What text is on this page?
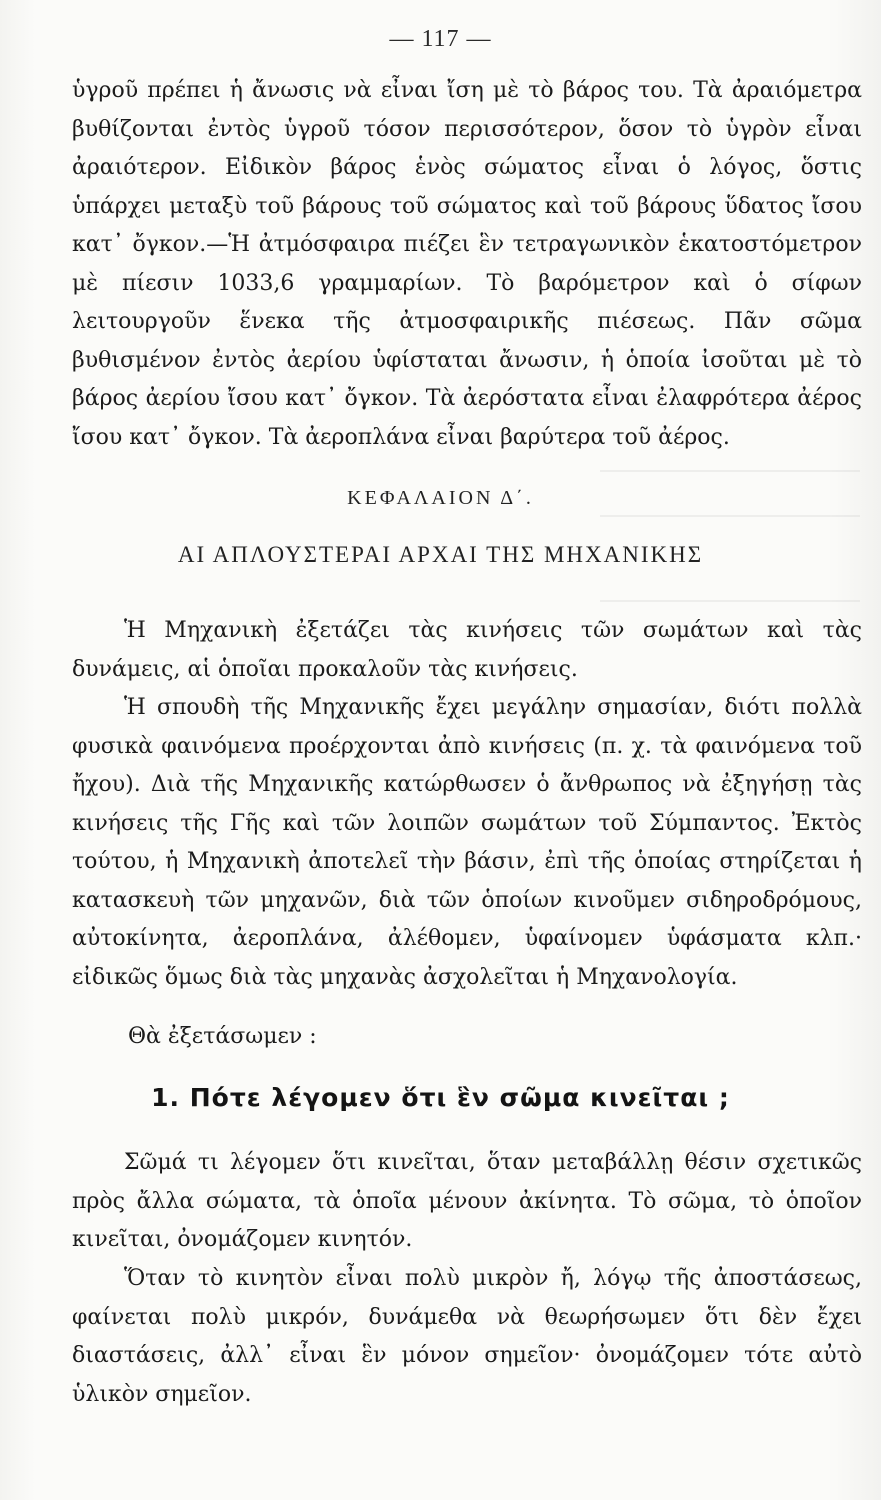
— 117 —

ὑγροῦ πρέπει ἡ ἄνωσις νὰ εἶναι ἴση μὲ τὸ βάρος του. Τὰ ἀραιόμετρα βυθίζονται ἐντὸς ὑγροῦ τόσον περισσότερον, ὅσον τὸ ὑγρὸν εἶναι ἀραιότερον. Εἰδικὸν βάρος ἑνὸς σώματος εἶναι ὁ λόγος, ὅστις ὑπάρχει μεταξὺ τοῦ βάρους τοῦ σώματος καὶ τοῦ βάρους ὕδατος ἴσου κατ᾽ ὄγκον.—Ἡ ἀτμόσφαιρα πιέζει ἓν τετραγωνικὸν ἑκατοστόμετρον μὲ πίεσιν 1033,6 γραμμαρίων. Τὸ βαρόμετρον καὶ ὁ σίφων λειτουργοῦν ἕνεκα τῆς ἀτμοσφαιρικῆς πιέσεως. Πᾶν σῶμα βυθισμένον ἐντὸς ἀερίου ὑφίσταται ἄνωσιν, ἡ ὁποία ἰσοῦται μὲ τὸ βάρος ἀερίου ἴσου κατ᾽ ὄγκον. Τὰ ἀερόστατα εἶναι ἐλαφρότερα ἀέρος ἴσου κατ᾽ ὄγκον. Τὰ ἀεροπλάνα εἶναι βαρύτερα τοῦ ἀέρος.

ΚΕΦΑΛΑΙΟΝ Δ΄.
ΑΙ ΑΠΛΟΥΣΤΕΡΑΙ ΑΡΧΑΙ ΤΗΣ ΜΗΧΑΝΙΚΗΣ

Ἡ Μηχανικὴ ἐξετάζει τὰς κινήσεις τῶν σωμάτων καὶ τὰς δυνάμεις, αἱ ὁποῖαι προκαλοῦν τὰς κινήσεις.

Ἡ σπουδὴ τῆς Μηχανικῆς ἔχει μεγάλην σημασίαν, διότι πολλὰ φυσικὰ φαινόμενα προέρχονται ἀπὸ κινήσεις (π. χ. τὰ φαινόμενα τοῦ ἤχου). Διὰ τῆς Μηχανικῆς κατώρθωσεν ὁ ἄνθρωπος νὰ ἐξηγήσῃ τὰς κινήσεις τῆς Γῆς καὶ τῶν λοιπῶν σωμάτων τοῦ Σύμπαντος. Ἐκτὸς τούτου, ἡ Μηχανικὴ ἀποτελεῖ τὴν βάσιν, ἐπὶ τῆς ὁποίας στηρίζεται ἡ κατασκευὴ τῶν μηχανῶν, διὰ τῶν ὁποίων κινοῦμεν σιδηροδρόμους, αὐτοκίνητα, ἀεροπλάνα, ἀλέθομεν, ὑφαίνομεν ὑφάσματα κλπ.· εἰδικῶς ὅμως διὰ τὰς μηχανὰς ἀσχολεῖται ἡ Μηχανολογία.

Θὰ ἐξετάσωμεν :

1. Πότε λέγομεν ὅτι ἓν σῶμα κινεῖται ;

Σῶμά τι λέγομεν ὅτι κινεῖται, ὅταν μεταβάλλῃ θέσιν σχετικῶς πρὸς ἄλλα σώματα, τὰ ὁποῖα μένουν ἀκίνητα. Τὸ σῶμα, τὸ ὁποῖον κινεῖται, ὀνομάζομεν κινητόν.

Ὅταν τὸ κινητὸν εἶναι πολὺ μικρὸν ἤ, λόγῳ τῆς ἀποστάσεως, φαίνεται πολὺ μικρόν, δυνάμεθα νὰ θεωρήσωμεν ὅτι δὲν ἔχει διαστάσεις, ἀλλ᾽ εἶναι ἓν μόνον σημεῖον· ὀνομάζομεν τότε αὐτὸ ὑλικὸν σημεῖον.
